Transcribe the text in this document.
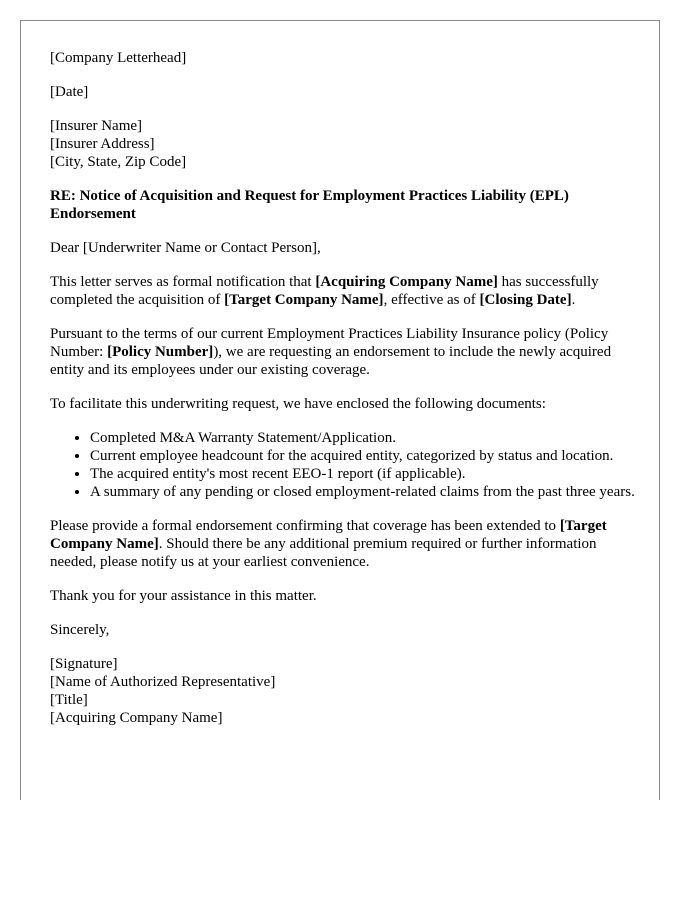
[Company Letterhead]

[Date]

[Insurer Name]
[Insurer Address]
[City, State, Zip Code]

RE: Notice of Acquisition and Request for Employment Practices Liability (EPL) Endorsement

Dear [Underwriter Name or Contact Person],

This letter serves as formal notification that [Acquiring Company Name] has successfully completed the acquisition of [Target Company Name], effective as of [Closing Date].

Pursuant to the terms of our current Employment Practices Liability Insurance policy (Policy Number: [Policy Number]), we are requesting an endorsement to include the newly acquired entity and its employees under our existing coverage.

To facilitate this underwriting request, we have enclosed the following documents:

• Completed M&A Warranty Statement/Application.
• Current employee headcount for the acquired entity, categorized by status and location.
• The acquired entity's most recent EEO-1 report (if applicable).
• A summary of any pending or closed employment-related claims from the past three years.

Please provide a formal endorsement confirming that coverage has been extended to [Target Company Name]. Should there be any additional premium required or further information needed, please notify us at your earliest convenience.

Thank you for your assistance in this matter.

Sincerely,

[Signature]
[Name of Authorized Representative]
[Title]
[Acquiring Company Name]
